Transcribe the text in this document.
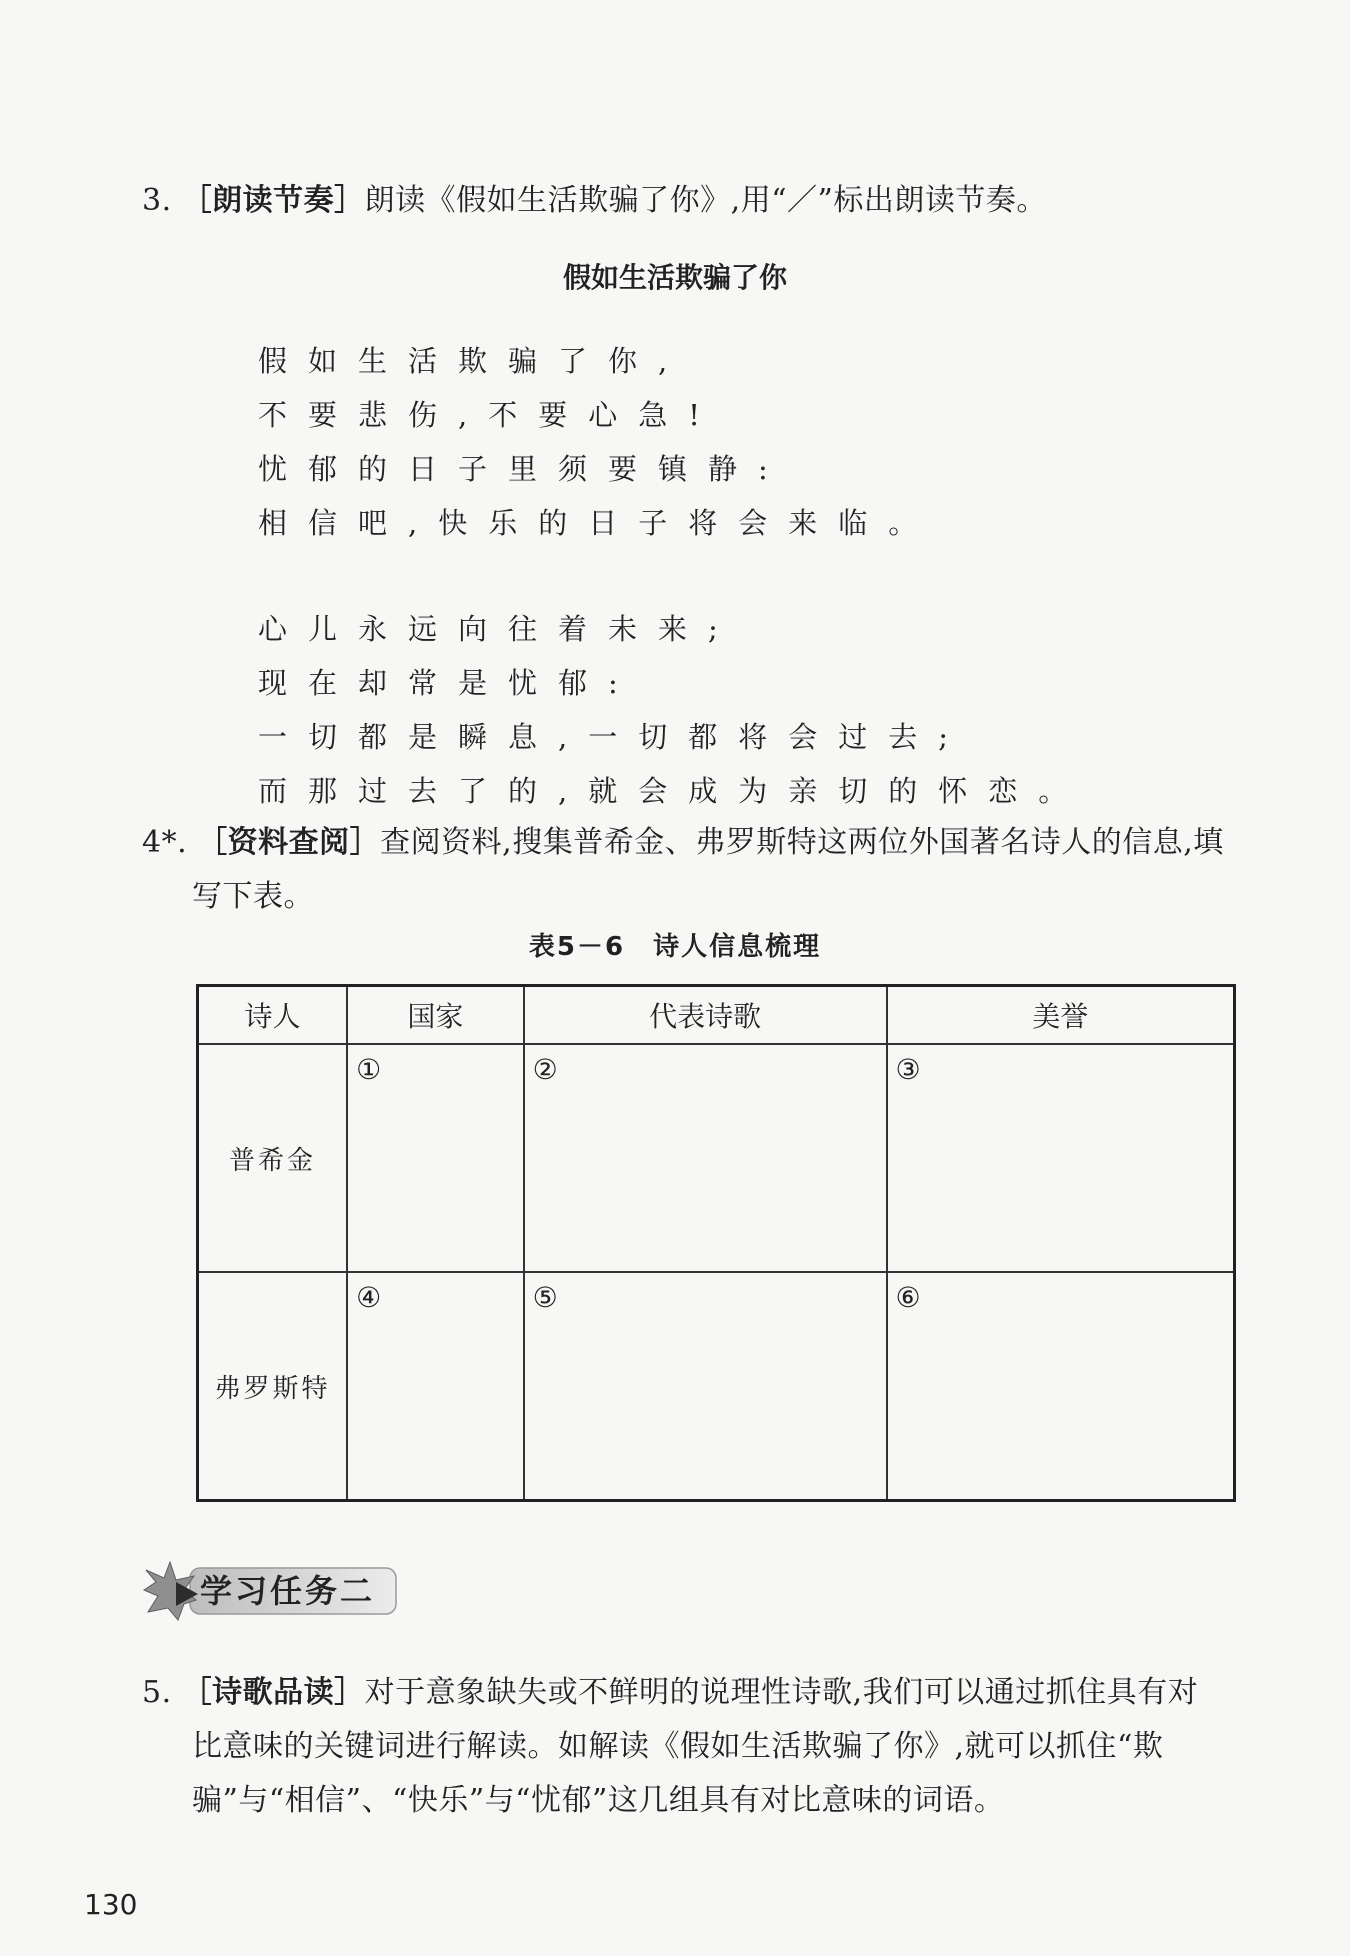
3. ［朗读节奏］朗读《假如生活欺骗了你》,用“／”标出朗读节奏。
假如生活欺骗了你
假如生活欺骗了你,
不要悲伤,不要心急!
忧郁的日子里须要镇静:
相信吧,快乐的日子将会来临。
心儿永远向往着未来;
现在却常是忧郁:
一切都是瞬息,一切都将会过去;
而那过去了的,就会成为亲切的怀恋。
4*. ［资料查阅］查阅资料,搜集普希金、弗罗斯特这两位外国著名诗人的信息,填
写下表。
表5－6　诗人信息梳理
诗人	国家	代表诗歌	美誉
普希金	①	②	③

弗罗斯特	④	⑤	⑥
学习任务二
5. ［诗歌品读］对于意象缺失或不鲜明的说理性诗歌,我们可以通过抓住具有对
比意味的关键词进行解读。如解读《假如生活欺骗了你》,就可以抓住“欺
骗”与“相信”、“快乐”与“忧郁”这几组具有对比意味的词语。
130
